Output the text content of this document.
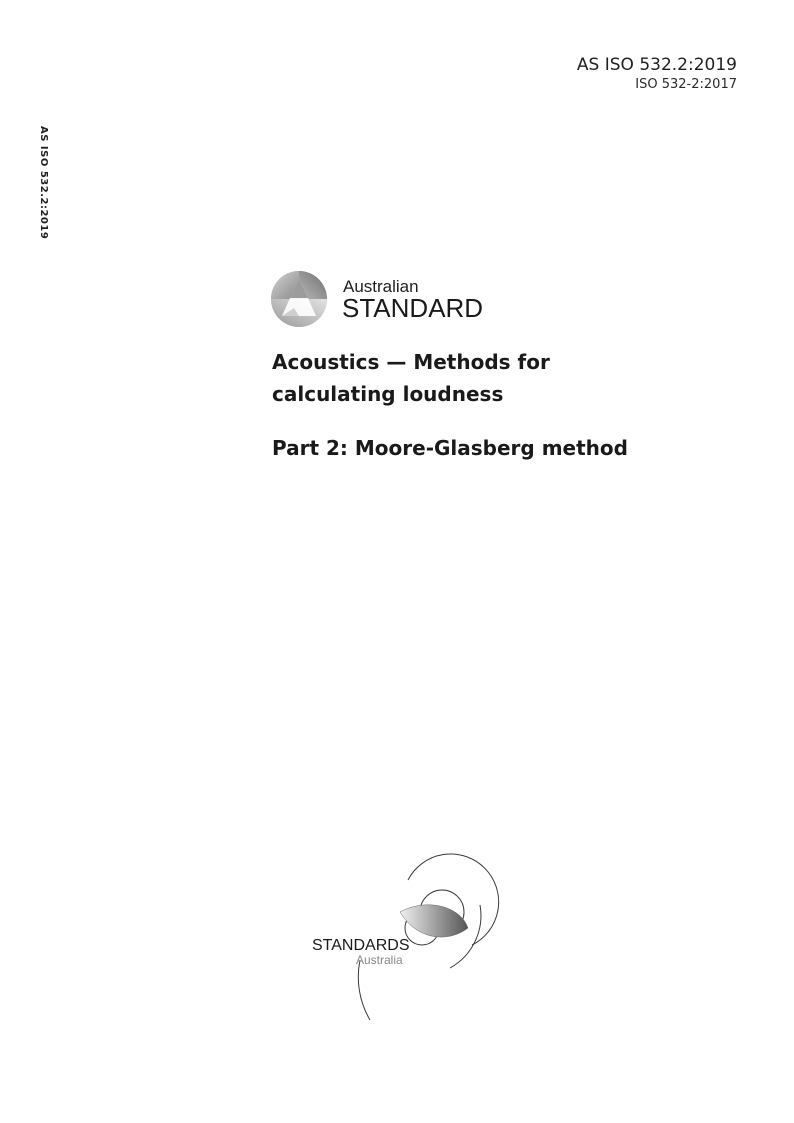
AS ISO 532.2:2019
ISO 532-2:2017
AS ISO 532.2:2019
Australian
STANDARD

Acoustics — Methods for
calculating loudness

Part 2: Moore-Glasberg method

STANDARDS
Australia
